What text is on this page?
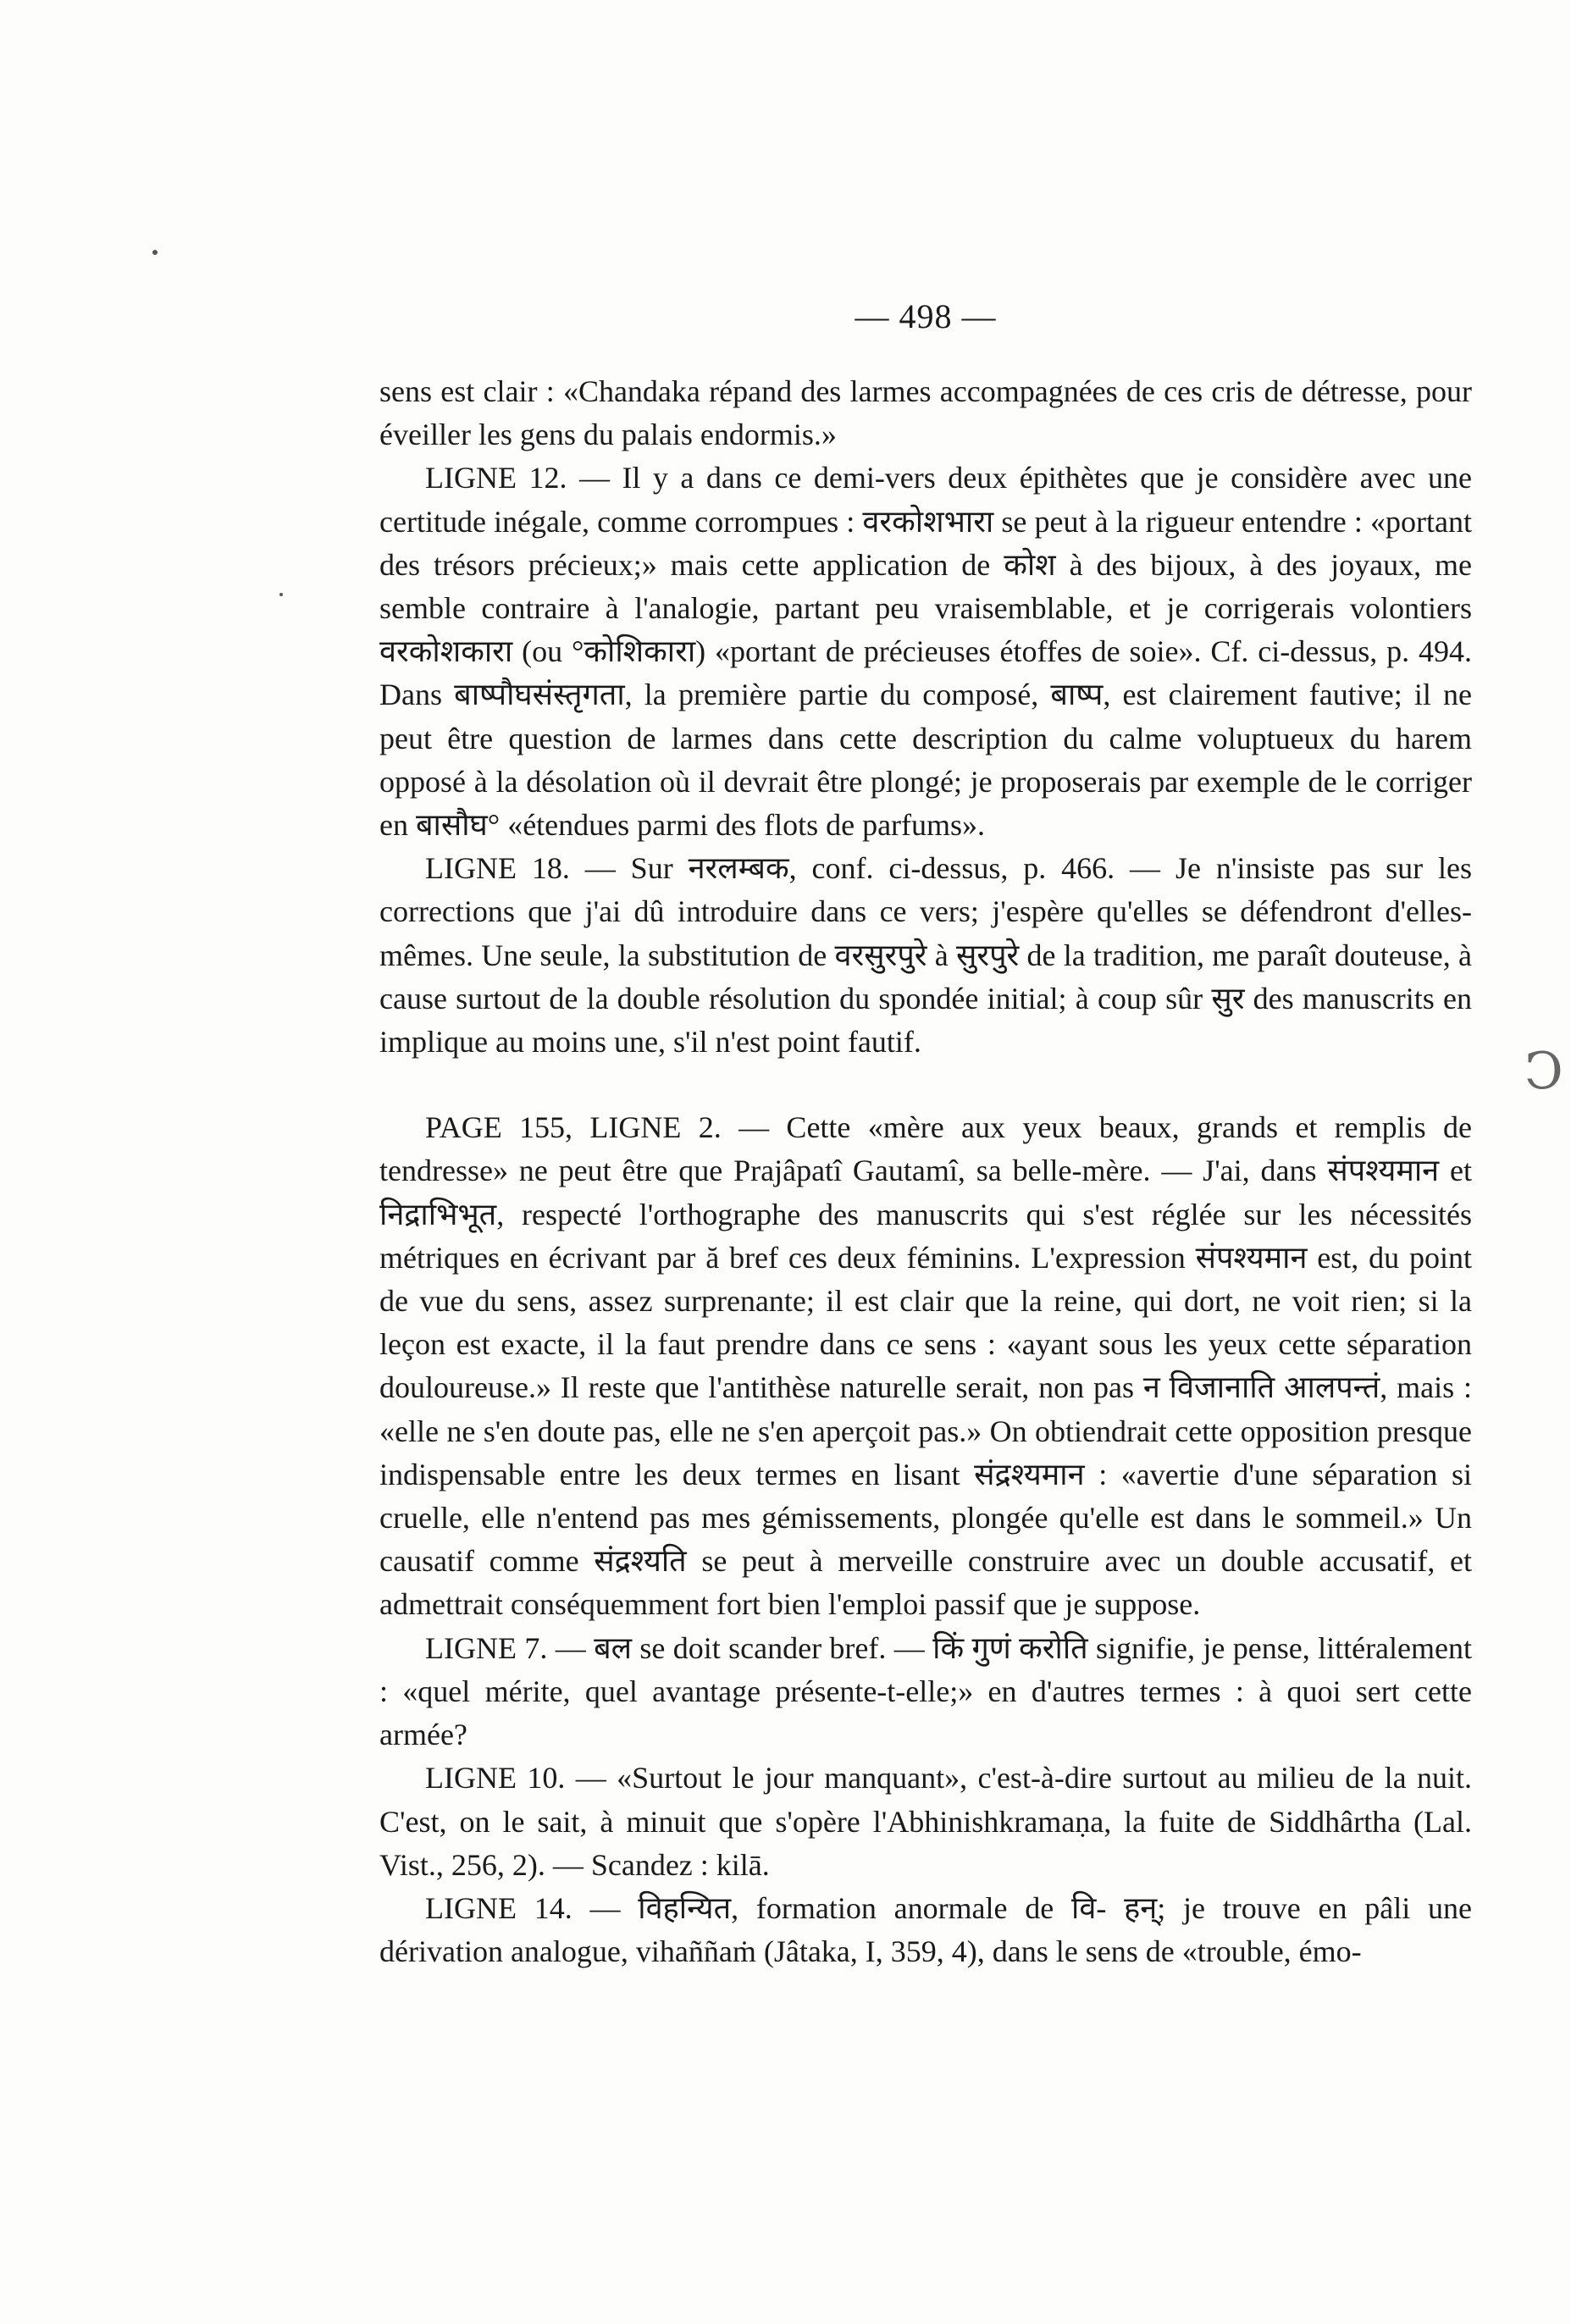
— 498 —

sens est clair : «Chandaka répand des larmes accompagnées de ces cris de détresse, pour éveiller les gens du palais endormis.»

LIGNE 12. — Il y a dans ce demi-vers deux épithètes que je considère avec une certitude inégale, comme corrompues : वरकोशभारा se peut à la rigueur entendre : «portant des trésors précieux;» mais cette application de कोश à des bijoux, à des joyaux, me semble contraire à l'analogie, partant peu vraisemblable, et je corrigerais volontiers वरकोशकारा (ou °कोशिकारा) «portant de précieuses étoffes de soie». Cf. ci-dessus, p. 494. Dans बाष्पौघसंस्तृगता, la première partie du composé, बाष्प, est clairement fautive; il ne peut être question de larmes dans cette description du calme voluptueux du harem opposé à la désolation où il devrait être plongé; je proposerais par exemple de le corriger en बासौघ° «étendues parmi des flots de parfums».

LIGNE 18. — Sur नरलम्बक, conf. ci-dessus, p. 466. — Je n'insiste pas sur les corrections que j'ai dû introduire dans ce vers; j'espère qu'elles se défendront d'elles-mêmes. Une seule, la substitution de वरसुरपुरे à सुरपुरे de la tradition, me paraît douteuse, à cause surtout de la double résolution du spondée initial; à coup sûr सुर des manuscrits en implique au moins une, s'il n'est point fautif.

PAGE 155, LIGNE 2. — Cette «mère aux yeux beaux, grands et remplis de tendresse» ne peut être que Prajâpatî Gautamî, sa belle-mère. — J'ai, dans संपश्यमान et निद्राभिभूत, respecté l'orthographe des manuscrits qui s'est réglée sur les nécessités métriques en écrivant par ă bref ces deux féminins. L'expression संपश्यमान est, du point de vue du sens, assez surprenante; il est clair que la reine, qui dort, ne voit rien; si la leçon est exacte, il la faut prendre dans ce sens : «ayant sous les yeux cette séparation douloureuse.» Il reste que l'antithèse naturelle serait, non pas न विजानाति आलपन्तं, mais : «elle ne s'en doute pas, elle ne s'en aperçoit pas.» On obtiendrait cette opposition presque indispensable entre les deux termes en lisant संद्रश्यमान : «avertie d'une séparation si cruelle, elle n'entend pas mes gémissements, plongée qu'elle est dans le sommeil.» Un causatif comme संद्रश्यति se peut à merveille construire avec un double accusatif, et admettrait conséquemment fort bien l'emploi passif que je suppose.

LIGNE 7. — बल se doit scander bref. — किं गुणं करोति signifie, je pense, littéralement : «quel mérite, quel avantage présente-t-elle;» en d'autres termes : à quoi sert cette armée?

LIGNE 10. — «Surtout le jour manquant», c'est-à-dire surtout au milieu de la nuit. C'est, on le sait, à minuit que s'opère l'Abhinishkramaṇa, la fuite de Siddhârtha (Lal. Vist., 256, 2). — Scandez : kilā.

LIGNE 14. — विहन्यित, formation anormale de वि- हन्; je trouve en pâli une dérivation analogue, vihaññaṁ (Jâtaka, I, 359, 4), dans le sens de «trouble, émo-

Ↄ
